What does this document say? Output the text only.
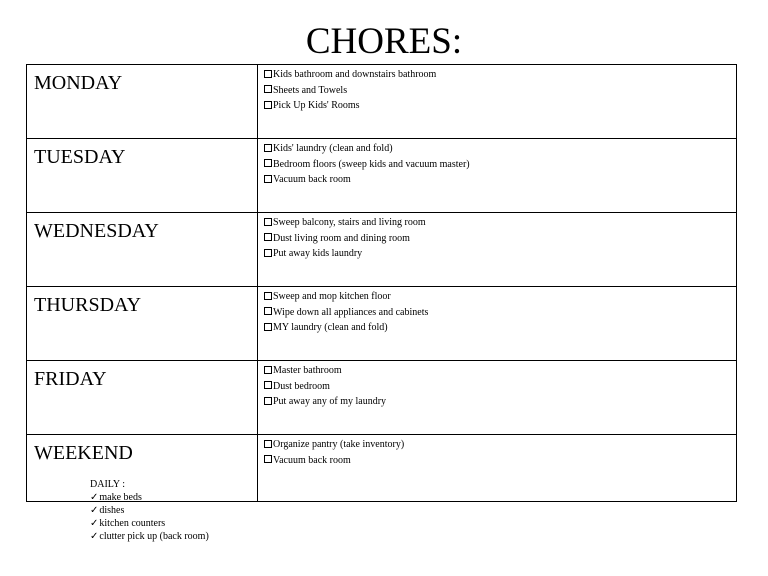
CHORES:
MONDAY	Kids bathroom and downstairs bathroom
Sheets and Towels
Pick Up Kids' Rooms

TUESDAY	Kids' laundry (clean and fold)
Bedroom floors (sweep kids and vacuum master)
Vacuum back room

WEDNESDAY	Sweep balcony, stairs and living room
Dust living room and dining room
Put away kids laundry

THURSDAY	Sweep and mop kitchen floor
Wipe down all appliances and cabinets
MY laundry (clean and fold)

FRIDAY	Master bathroom
Dust bedroom
Put away any of my laundry

WEEKEND	Organize pantry (take inventory)
Vacuum back room
DAILY :
✓make beds
✓dishes
✓kitchen counters
✓clutter pick up (back room)
